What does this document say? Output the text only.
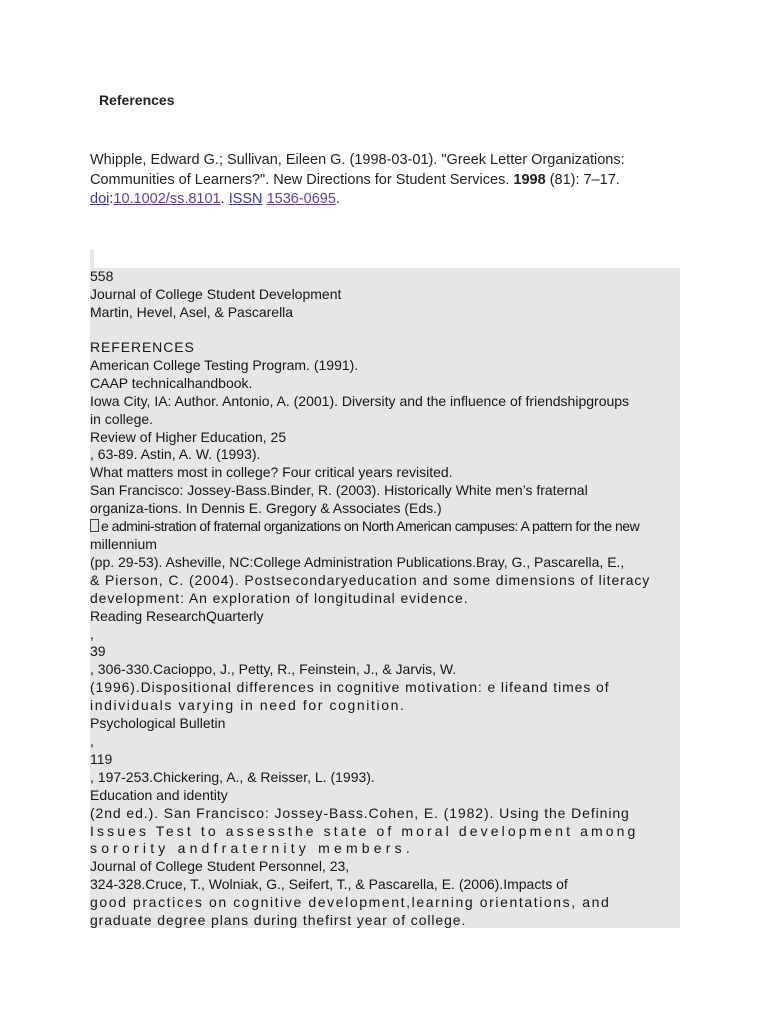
References
Whipple, Edward G.; Sullivan, Eileen G. (1998-03-01). "Greek Letter Organizations: Communities of Learners?". New Directions for Student Services. 1998 (81): 7–17. doi:10.1002/ss.8101. ISSN 1536-0695.
558
Journal of College Student Development
Martin, Hevel, Asel, & Pascarella
REFERENCES
American College Testing Program. (1991).
CAAP technicalhandbook.
Iowa City, IA: Author. Antonio, A. (2001). Diversity and the influence of friendshipgroups
in college.
Review of Higher Education, 25
, 63-89. Astin, A. W. (1993).
What matters most in college? Four critical years revisited.
San Francisco: Jossey-Bass.Binder, R. (2003). Historically White men’s fraternal
organiza-tions. In Dennis E. Gregory & Associates (Eds.)
e admini-stration of fraternal organizations on North American campuses: A pattern for the new
millennium
(pp. 29-53). Asheville, NC:College Administration Publications.Bray, G., Pascarella, E.,
& Pierson, C. (2004). Postsecondaryeducation and some dimensions of literacy
development: An exploration of longitudinal evidence.
Reading ResearchQuarterly
,
39
, 306-330.Cacioppo, J., Petty, R., Feinstein, J., & Jarvis, W.
(1996).Dispositional differences in cognitive motivation: e lifeand times of
individuals varying in need for cognition.
Psychological Bulletin
,
119
, 197-253.Chickering, A., & Reisser, L. (1993).
Education and identity
(2nd ed.). San Francisco: Jossey-Bass.Cohen, E. (1982). Using the Defining
Issues Test to assessthe state of moral development among
sorority andfraternity members.
Journal of College Student Personnel, 23,
324-328.Cruce, T., Wolniak, G., Seifert, T., & Pascarella, E. (2006).Impacts of
good practices on cognitive development,learning orientations, and
graduate degree plans during thefirst year of college.
